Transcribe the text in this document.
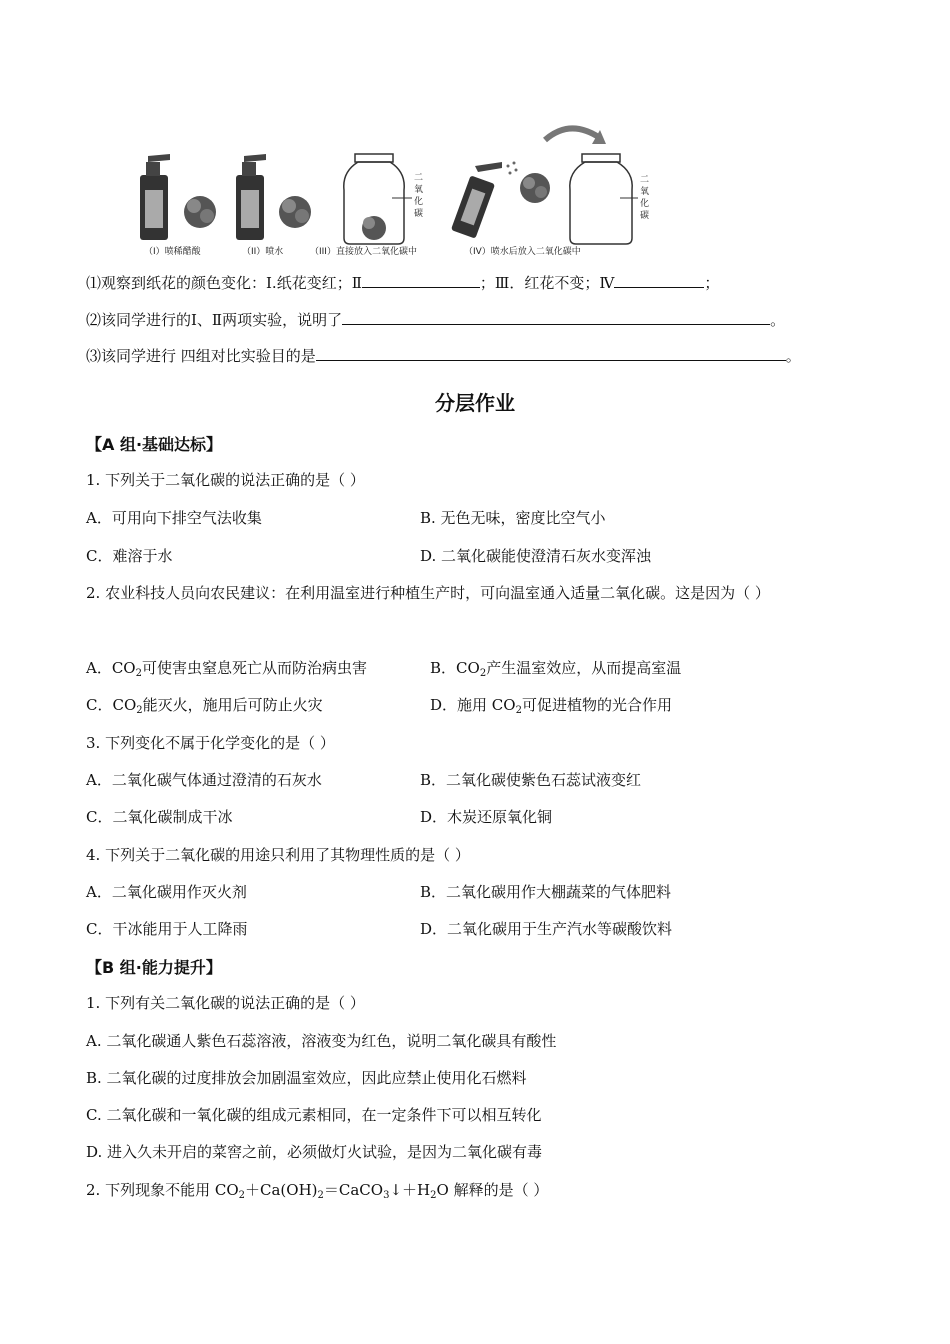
二
氧
化
碳
二
氧
化
碳
（I）喷稀醋酸	（II）喷水	（III）直接放入二氧化碳中	（IV）喷水后放入二氧化碳中
⑴观察到纸花的颜色变化：Ⅰ.纸花变红；Ⅱ	；Ⅲ．红花不变；Ⅳ	；
⑵该同学进行的Ⅰ、Ⅱ两项实验，说明了	。
⑶该同学进行 四组对比实验目的是	。
分层作业
【A 组·基础达标】
1. 下列关于二氧化碳的说法正确的是（ ）
A．可用向下排空气法收集	B. 无色无味，密度比空气小
C．难溶于水	D. 二氧化碳能使澄清石灰水变浑浊
2. 农业科技人员向农民建议：在利用温室进行种植生产时，可向温室通入适量二氧化碳。这是因为（ ）
A．$CO_2$可使害虫窒息死亡从而防治病虫害	B．$CO_2$产生温室效应，从而提高室温
C．$CO_2$能灭火，施用后可防止火灾	D．施用 $CO_2$可促进植物的光合作用
3. 下列变化不属于化学变化的是（ ）
A．二氧化碳气体通过澄清的石灰水	B．二氧化碳使紫色石蕊试液变红
C．二氧化碳制成干冰	D．木炭还原氧化铜
4. 下列关于二氧化碳的用途只利用了其物理性质的是（ ）
A．二氧化碳用作灭火剂	B．二氧化碳用作大棚蔬菜的气体肥料
C．干冰能用于人工降雨	D．二氧化碳用于生产汽水等碳酸饮料
【B 组·能力提升】
1. 下列有关二氧化碳的说法正确的是（ ）
A. 二氧化碳通人紫色石蕊溶液，溶液变为红色，说明二氧化碳具有酸性
B. 二氧化碳的过度排放会加剧温室效应，因此应禁止使用化石燃料
C. 二氧化碳和一氧化碳的组成元素相同，在一定条件下可以相互转化
D. 进入久未开启的菜窖之前，必须做灯火试验，是因为二氧化碳有毒
2. 下列现象不能用 $CO_2+Ca(OH)_2=CaCO_3↓+H_2O$ 解释的是（ ）
